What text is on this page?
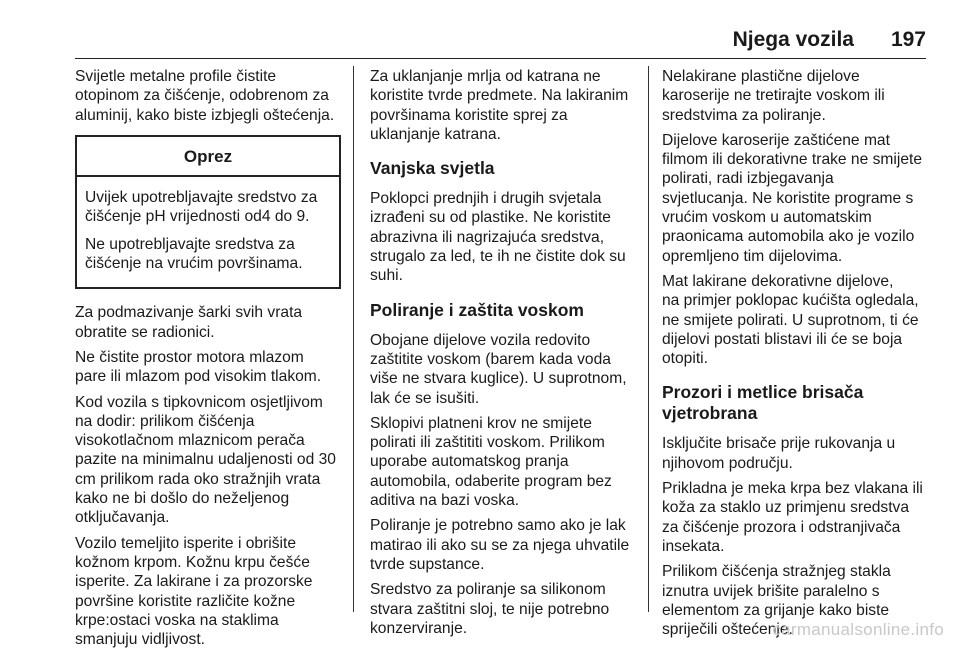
Njega vozila 197

Svijetle metalne profile čistite
otopinom za čišćenje, odobrenom za
aluminij, kako biste izbjegli oštećenja.

Oprez

Uvijek upotrebljavajte sredstvo za
čišćenje pH vrijednosti od4 do 9.

Ne upotrebljavajte sredstva za
čišćenje na vrućim površinama.

Za podmazivanje šarki svih vrata
obratite se radionici.

Ne čistite prostor motora mlazom
pare ili mlazom pod visokim tlakom.

Kod vozila s tipkovnicom osjetljivom
na dodir: prilikom čišćenja
visokotlačnom mlaznicom perača
pazite na minimalnu udaljenosti od 30
cm prilikom rada oko stražnjih vrata
kako ne bi došlo do neželjenog
otključavanja.

Vozilo temeljito isperite i obrišite
kožnom krpom. Kožnu krpu češće
isperite. Za lakirane i za prozorske
površine koristite različite kožne
krpe:ostaci voska na staklima
smanjuju vidljivost.

Za uklanjanje mrlja od katrana ne
koristite tvrde predmete. Na lakiranim
površinama koristite sprej za
uklanjanje katrana.

Vanjska svjetla

Poklopci prednjih i drugih svjetala
izrađeni su od plastike. Ne koristite
abrazivna ili nagrizajuća sredstva,
strugalo za led, te ih ne čistite dok su
suhi.

Poliranje i zaštita voskom

Obojane dijelove vozila redovito
zaštitite voskom (barem kada voda
više ne stvara kuglice). U suprotnom,
lak će se isušiti.

Sklopivi platneni krov ne smijete
polirati ili zaštititi voskom. Prilikom
uporabe automatskog pranja
automobila, odaberite program bez
aditiva na bazi voska.

Poliranje je potrebno samo ako je lak
matirao ili ako su se za njega uhvatile
tvrde supstance.

Sredstvo za poliranje sa silikonom
stvara zaštitni sloj, te nije potrebno
konzerviranje.

Nelakirane plastične dijelove
karoserije ne tretirajte voskom ili
sredstvima za poliranje.

Dijelove karoserije zaštićene mat
filmom ili dekorativne trake ne smijete
polirati, radi izbjegavanja
svjetlucanja. Ne koristite programe s
vrućim voskom u automatskim
praonicama automobila ako je vozilo
opremljeno tim dijelovima.

Mat lakirane dekorativne dijelove,
na primjer poklopac kućišta ogledala,
ne smijete polirati. U suprotnom, ti će
dijelovi postati blistavi ili će se boja
otopiti.

Prozori i metlice brisača
vjetrobrana

Isključite brisače prije rukovanja u
njihovom području.

Prikladna je meka krpa bez vlakana ili
koža za staklo uz primjenu sredstva
za čišćenje prozora i odstranjivača
insekata.

Prilikom čišćenja stražnjeg stakla
iznutra uvijek brišite paralelno s
elementom za grijanje kako biste
spriječili oštećenje.

carmanualsonline.info
